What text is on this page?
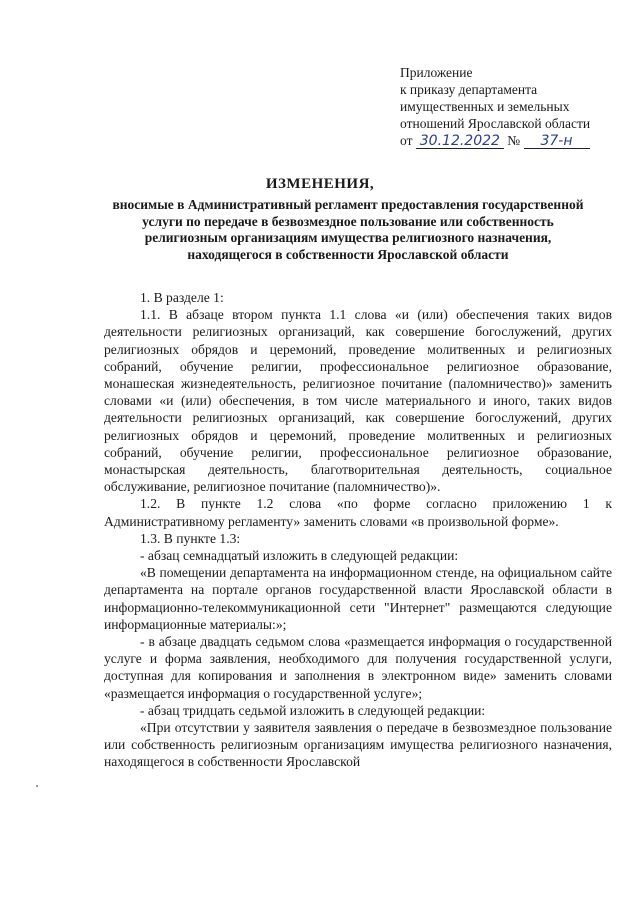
Приложение
к приказу департамента
имущественных и земельных
отношений Ярославской области
от 30.12.2022 № 37-н
ИЗМЕНЕНИЯ,
вносимые в Административный регламент предоставления государственной услуги по передаче в безвозмездное пользование или собственность религиозным организациям имущества религиозного назначения, находящегося в собственности Ярославской области

1. В разделе 1:

1.1. В абзаце втором пункта 1.1 слова «и (или) обеспечения таких видов деятельности религиозных организаций, как совершение богослужений, других религиозных обрядов и церемоний, проведение молитвенных и религиозных собраний, обучение религии, профессиональное религиозное образование, монашеская жизнедеятельность, религиозное почитание (паломничество)» заменить словами «и (или) обеспечения, в том числе материального и иного, таких видов деятельности религиозных организаций, как совершение богослужений, других религиозных обрядов и церемоний, проведение молитвенных и религиозных собраний, обучение религии, профессиональное религиозное образование, монастырская деятельность, благотворительная деятельность, социальное обслуживание, религиозное почитание (паломничество)».

1.2. В пункте 1.2 слова «по форме согласно приложению 1 к Административному регламенту» заменить словами «в произвольной форме».

1.3. В пункте 1.3:

- абзац семнадцатый изложить в следующей редакции:

«В помещении департамента на информационном стенде, на официальном сайте департамента на портале органов государственной власти Ярославской области в информационно-телекоммуникационной сети "Интернет" размещаются следующие информационные материалы:»;

- в абзаце двадцать седьмом слова «размещается информация о государственной услуге и форма заявления, необходимого для получения государственной услуги, доступная для копирования и заполнения в электронном виде» заменить словами «размещается информация о государственной услуге»;

- абзац тридцать седьмой изложить в следующей редакции:

«При отсутствии у заявителя заявления о передаче в безвозмездное пользование или собственность религиозным организациям имущества религиозного назначения, находящегося в собственности Ярославской
